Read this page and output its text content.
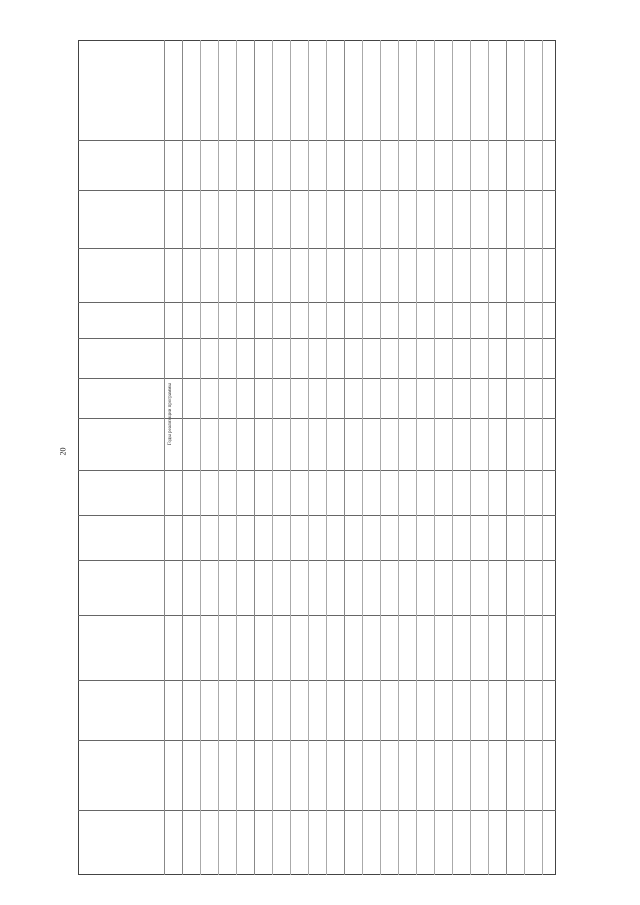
20
Годы реализации программы
